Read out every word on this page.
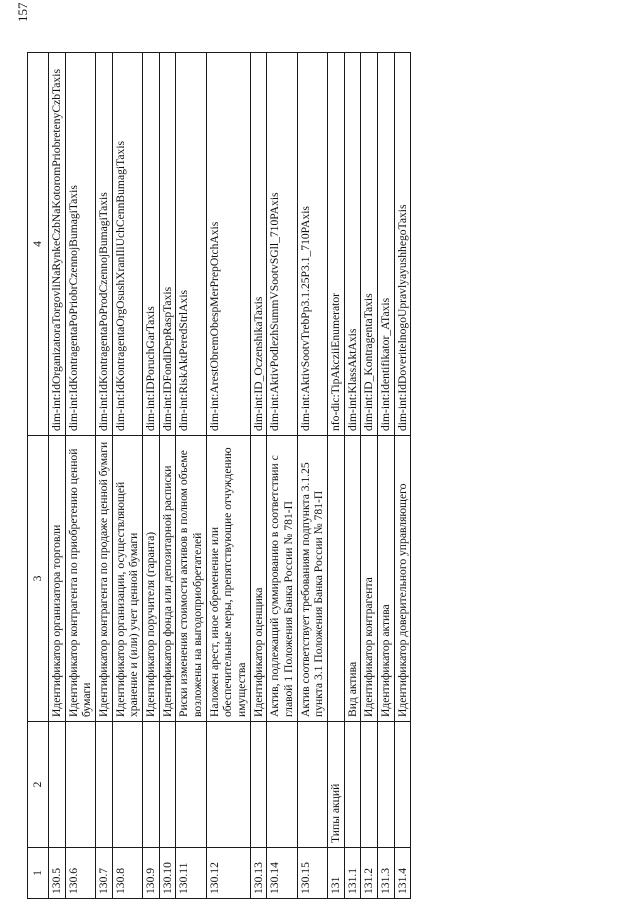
157
1	2	3	4
130.5		Идентификатор организатора торговли	dim-int:IdOrganizatoraTorgovliNaRynkeCzbNaKotoromPriobretenyCzbTaxis
130.6		Идентификатор контрагента по приобретению ценной бумаги	dim-int:IdKontragentaPoPriobrCzennojBumagiTaxis
130.7		Идентификатор контрагента по продаже ценной бумаги	dim-int:IdKontragentaPoProdCzennojBumagiTaxis
130.8		Идентификатор организации, осуществляющей хранение и (или) учет ценной бумаги	dim-int:IdKontragentaOrgOsushXranIliUchCennBumagiTaxis
130.9		Идентификатор поручителя (гаранта)	dim-int:IDPoruchGarTaxis
130.10		Идентификатор фонда или депозитарной расписки	dim-int:IDFondiDepRaspTaxis
130.11		Риски изменения стоимости активов в полном объеме возложены на выгодоприобретателей	dim-int:RiskAktPeredStrlAxis
130.12		Наложен арест, иное обременение или обеспечительные меры, препятствующие отчуждению имущества	dim-int:ArestObremObespMerPrepOtchAxis
130.13		Идентификатор оценщика	dim-int:ID_OczenshikaTaxis
130.14		Актив, подлежащий суммированию в соответствии с главой 1 Положения Банка России № 781-П	dim-int:AktivPodlezhSummVSootvSGll_710PAxis
130.15		Актив соответствует требованиям подпункта 3.1.25 пункта 3.1 Положения Банка России № 781-П	dim-int:AktivSootvTrebPp3.1.25P3.1_710PAxis
131	Типы акций		nfo-dic:TipAkcziiEnumerator
131.1		Вид актива	dim-int:KlassAktAxis
131.2		Идентификатор контрагента	dim-int:ID_KontragentaTaxis
131.3		Идентификатор актива	dim-int:Identifikator_ATaxis
131.4		Идентификатор доверительного управляющего	dim-int:IdDoveritelnogoUpravlyayushhegoTaxis
